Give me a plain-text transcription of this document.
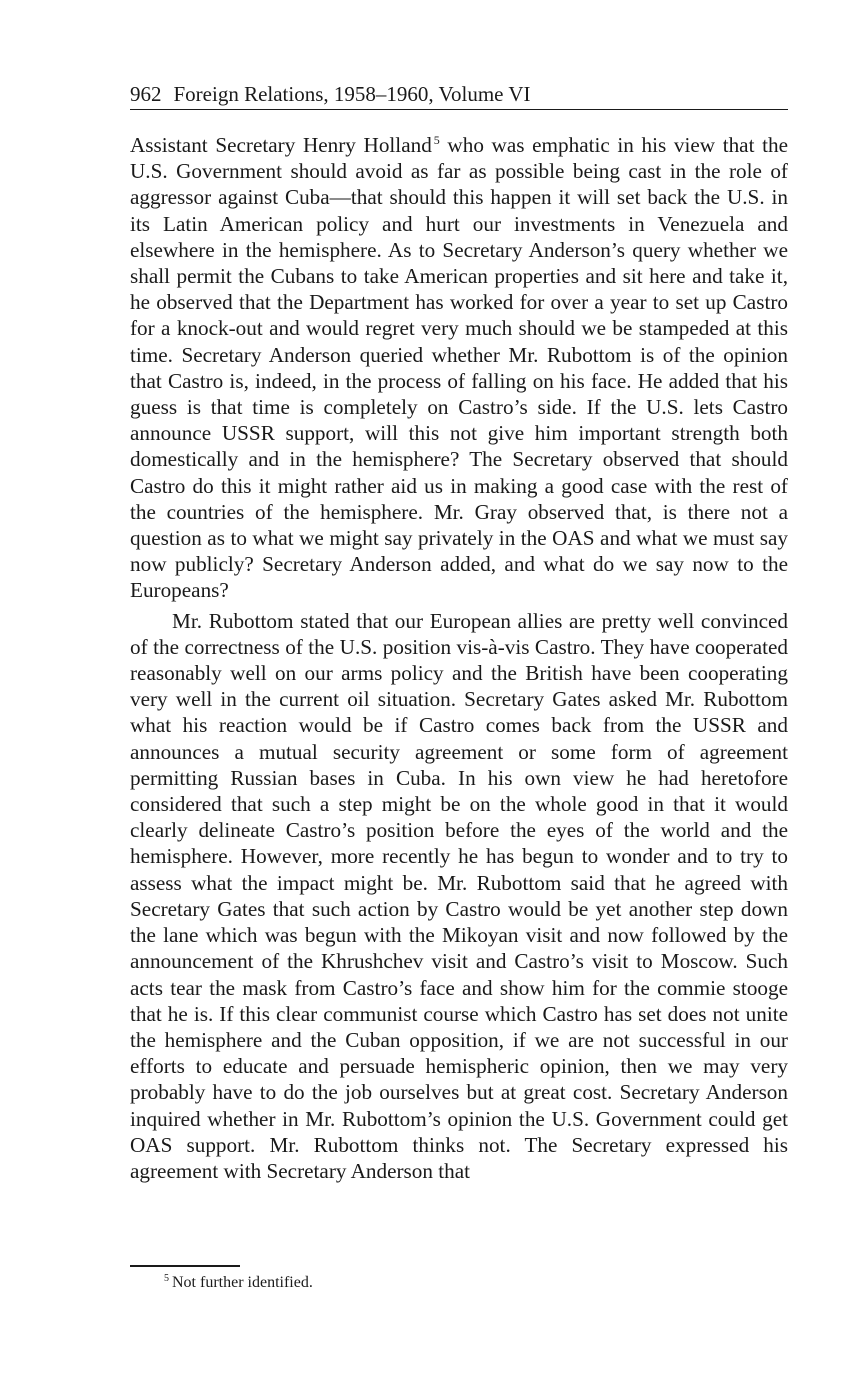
962 Foreign Relations, 1958–1960, Volume VI

Assistant Secretary Henry Holland $^5$ who was emphatic in his view that the U.S. Government should avoid as far as possible being cast in the role of aggressor against Cuba—that should this happen it will set back the U.S. in its Latin American policy and hurt our investments in Venezuela and elsewhere in the hemisphere. As to Secretary Anderson’s query whether we shall permit the Cubans to take American properties and sit here and take it, he observed that the Department has worked for over a year to set up Castro for a knock-out and would regret very much should we be stampeded at this time. Secretary Anderson queried whether Mr. Rubottom is of the opinion that Castro is, indeed, in the process of falling on his face. He added that his guess is that time is completely on Castro’s side. If the U.S. lets Castro announce USSR support, will this not give him important strength both domestically and in the hemisphere? The Secretary observed that should Castro do this it might rather aid us in making a good case with the rest of the countries of the hemisphere. Mr. Gray observed that, is there not a question as to what we might say privately in the OAS and what we must say now publicly? Secretary Anderson added, and what do we say now to the Europeans?

Mr. Rubottom stated that our European allies are pretty well convinced of the correctness of the U.S. position vis-à-vis Castro. They have cooperated reasonably well on our arms policy and the British have been cooperating very well in the current oil situation. Secretary Gates asked Mr. Rubottom what his reaction would be if Castro comes back from the USSR and announces a mutual security agreement or some form of agreement permitting Russian bases in Cuba. In his own view he had heretofore considered that such a step might be on the whole good in that it would clearly delineate Castro’s position before the eyes of the world and the hemisphere. However, more recently he has begun to wonder and to try to assess what the impact might be. Mr. Rubottom said that he agreed with Secretary Gates that such action by Castro would be yet another step down the lane which was begun with the Mikoyan visit and now followed by the announcement of the Khrushchev visit and Castro’s visit to Moscow. Such acts tear the mask from Castro’s face and show him for the commie stooge that he is. If this clear communist course which Castro has set does not unite the hemisphere and the Cuban opposition, if we are not successful in our efforts to educate and persuade hemispheric opinion, then we may very probably have to do the job ourselves but at great cost. Secretary Anderson inquired whether in Mr. Rubottom’s opinion the U.S. Government could get OAS support. Mr. Rubottom thinks not. The Secretary expressed his agreement with Secretary Anderson that

$^5$ Not further identified.
